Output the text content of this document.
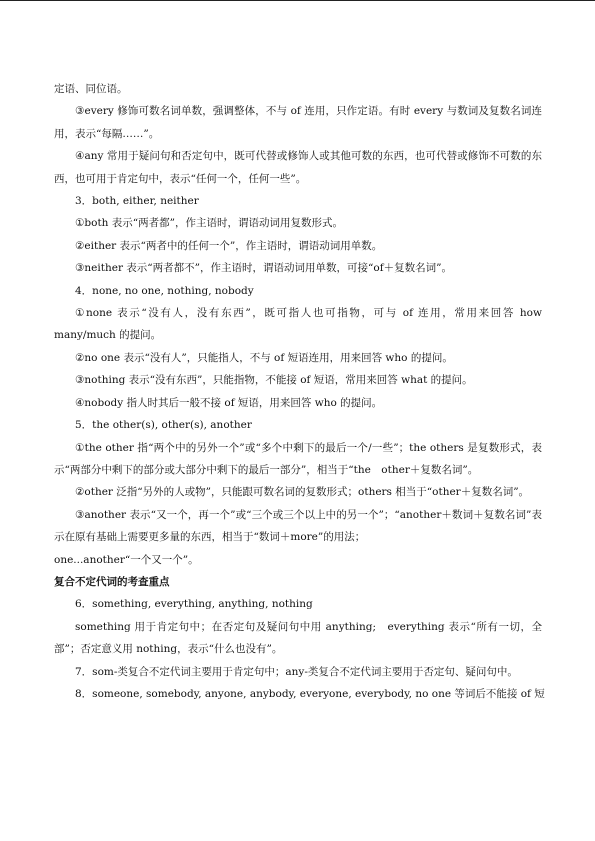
定语、同位语。

③every 修饰可数名词单数，强调整体，不与 of 连用，只作定语。有时 every 与数词及复数名词连用，表示“每隔……”。

④any 常用于疑问句和否定句中，既可代替或修饰人或其他可数的东西，也可代替或修饰不可数的东西，也可用于肯定句中，表示“任何一个，任何一些”。

3．both, either, neither

①both 表示“两者都”，作主语时，谓语动词用复数形式。

②either 表示“两者中的任何一个”，作主语时，谓语动词用单数。

③neither 表示“两者都不”，作主语时，谓语动词用单数，可接“of＋复数名词”。

4．none, no one, nothing, nobody

①none 表示“没有人，没有东西”，既可指人也可指物，可与 of 连用，常用来回答 how many/much 的提问。

②no one 表示“没有人”，只能指人，不与 of 短语连用，用来回答 who 的提问。

③nothing 表示“没有东西”，只能指物，不能接 of 短语，常用来回答 what 的提问。

④nobody 指人时其后一般不接 of 短语，用来回答 who 的提问。

5．the other(s), other(s), another

①the other 指“两个中的另外一个”或“多个中剩下的最后一个/一些”；the others 是复数形式，表示“两部分中剩下的部分或大部分中剩下的最后一部分”，相当于“the　other＋复数名词”。

②other 泛指“另外的人或物”，只能跟可数名词的复数形式；others 相当于“other＋复数名词”。

③another 表示“又一个，再一个”或“三个或三个以上中的另一个”；“another＋数词＋复数名词”表示在原有基础上需要更多量的东西，相当于“数词＋more”的用法；

one...another“一个又一个”。

复合不定代词的考查重点

6．something, everything, anything, nothing

something 用于肯定句中；在否定句及疑问句中用 anything;　everything 表示“所有一切，全部”；否定意义用 nothing，表示“什么也没有”。

7．som-类复合不定代词主要用于肯定句中；any-类复合不定代词主要用于否定句、疑问句中。

8．someone, somebody, anyone, anybody, everyone, everybody, no one 等词后不能接 of 短
